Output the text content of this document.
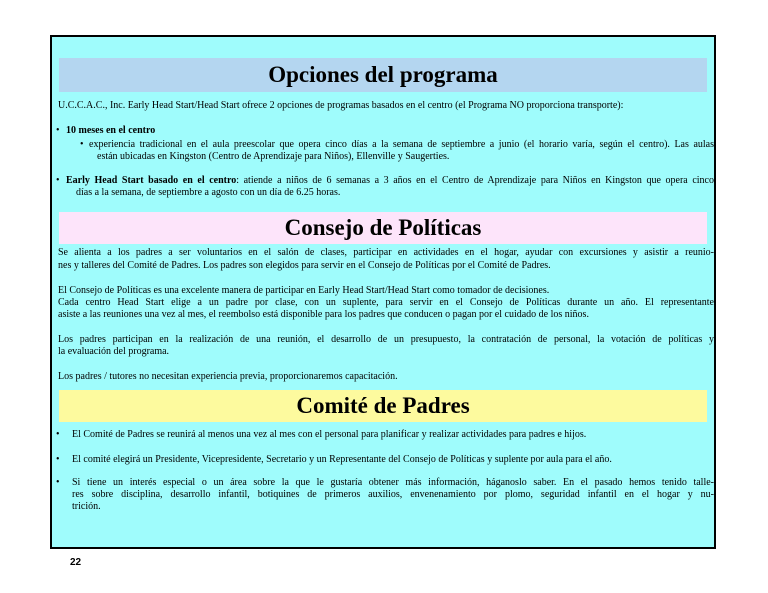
Opciones del programa
U.C.C.A.C., Inc. Early Head Start/Head Start ofrece 2 opciones de programas basados en el centro (el Programa NO proporciona transporte):
• 10 meses en el centro
• experiencia tradicional en el aula preescolar que opera cinco días a la semana de septiembre a junio (el horario varía, según el centro). Las aulas
están ubicadas en Kingston (Centro de Aprendizaje para Niños), Ellenville y Saugerties.
• Early Head Start basado en el centro: atiende a niños de 6 semanas a 3 años en el Centro de Aprendizaje para Niños en Kingston que opera cinco
días a la semana, de septiembre a agosto con un día de 6.25 horas.
Consejo de Políticas
Se alienta a los padres a ser voluntarios en el salón de clases, participar en actividades en el hogar, ayudar con excursiones y asistir a reunio-
nes y talleres del Comité de Padres. Los padres son elegidos para servir en el Consejo de Políticas por el Comité de Padres.
El Consejo de Políticas es una excelente manera de participar en Early Head Start/Head Start como tomador de decisiones.
Cada centro Head Start elige a un padre por clase, con un suplente, para servir en el Consejo de Políticas durante un año. El representante
asiste a las reuniones una vez al mes, el reembolso está disponible para los padres que conducen o pagan por el cuidado de los niños.
Los padres participan en la realización de una reunión, el desarrollo de un presupuesto, la contratación de personal, la votación de políticas y
la evaluación del programa.
Los padres / tutores no necesitan experiencia previa, proporcionaremos capacitación.
Comité de Padres
• El Comité de Padres se reunirá al menos una vez al mes con el personal para planificar y realizar actividades para padres e hijos.
• El comité elegirá un Presidente, Vicepresidente, Secretario y un Representante del Consejo de Políticas y suplente por aula para el año.
• Si tiene un interés especial o un área sobre la que le gustaría obtener más información, háganoslo saber. En el pasado hemos tenido talle-
res sobre disciplina, desarrollo infantil, botiquines de primeros auxilios, envenenamiento por plomo, seguridad infantil en el hogar y nu-
trición.
22
